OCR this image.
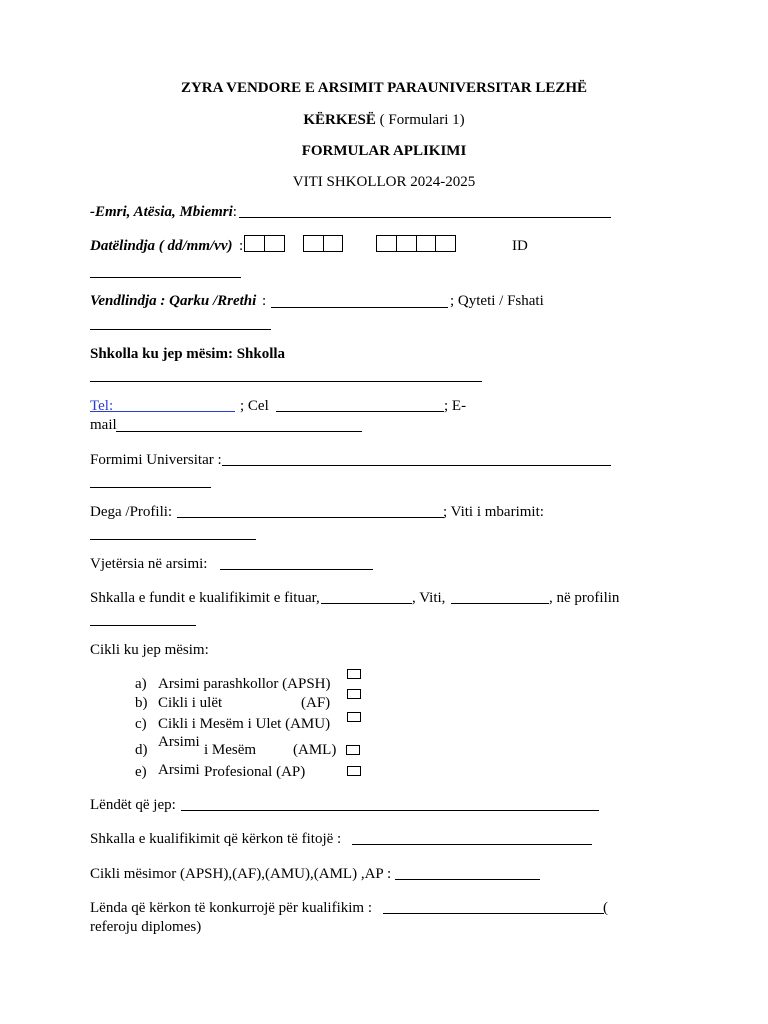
ZYRA VENDORE E ARSIMIT PARAUNIVERSITAR LEZHË
KËRKESË ( Formulari 1)
FORMULAR APLIKIMI
VITI SHKOLLOR 2024-2025
-Emri, Atësia, Mbiemri:
Datëlindja ( dd/mm/vv) :	ID
Vendlindja : Qarku /Rrethi :	; Qyteti / Fshati
Shkolla ku jep mësim: Shkolla
Tel:	; Cel	; E-
mail
Formimi Universitar :
Dega /Profili:	; Viti i mbarimit:
Vjetërsia në arsimi:
Shkalla e fundit e kualifikimit e fituar,	, Viti,	, në profilin
Cikli ku jep mësim:
a) Arsimi parashkollor (APSH)
b) Cikli i ulët	(AF)
c) Cikli i Mesëm i Ulet (AMU)
d) Arsimi i Mesëm (AML)
e) Arsimi Profesional (AP)
Lëndët që jep:
Shkalla e kualifikimit që kërkon të fitojë :
Cikli mësimor (APSH),(AF),(AMU),(AML) ,AP :
Lënda që kërkon të konkurrojë për kualifikim :	(
referoju diplomes)
